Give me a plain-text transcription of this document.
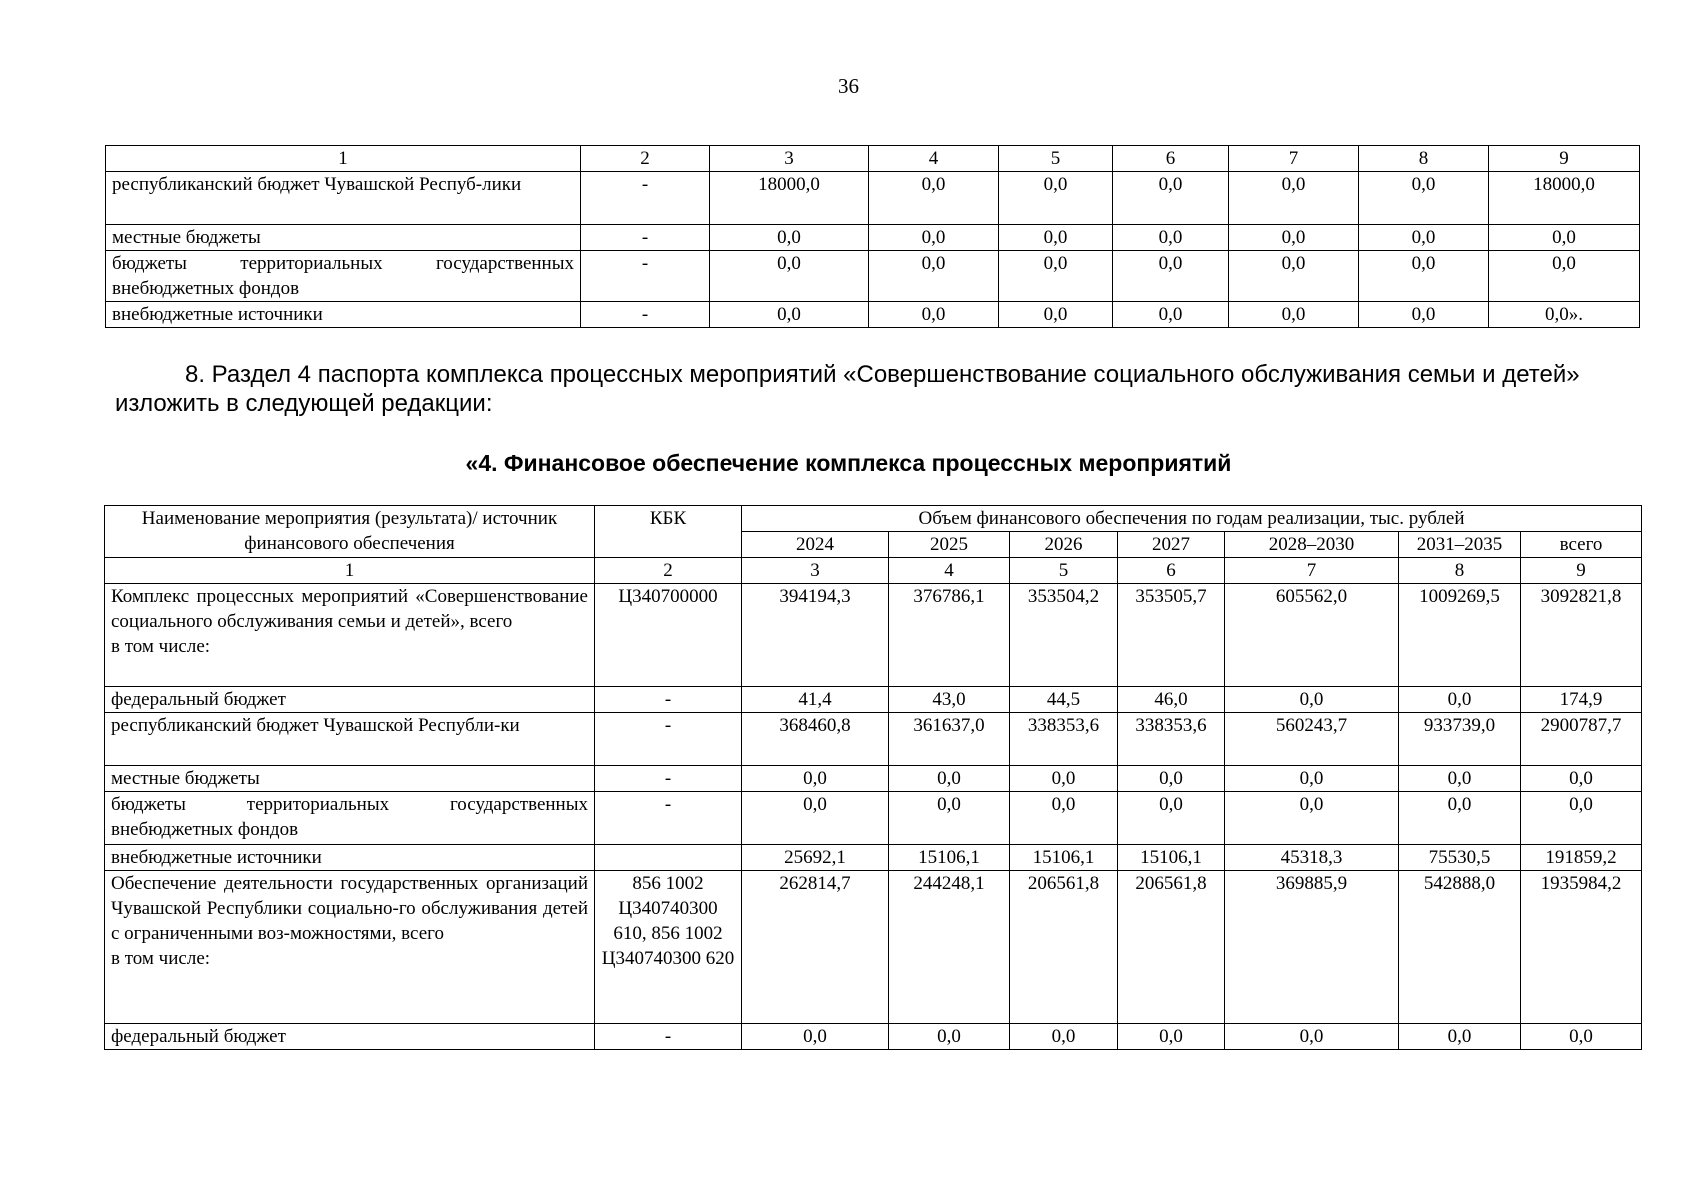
36
1	2	3	4	5	6	7	8	9
республиканский бюджет Чувашской Респуб-лики	-	18000,0	0,0	0,0	0,0	0,0	0,0	18000,0
местные бюджеты	-	0,0	0,0	0,0	0,0	0,0	0,0	0,0
бюджеты территориальных государственных внебюджетных фондов	-	0,0	0,0	0,0	0,0	0,0	0,0	0,0
внебюджетные источники	-	0,0	0,0	0,0	0,0	0,0	0,0	0,0».
8. Раздел 4 паспорта комплекса процессных мероприятий «Совершенствование социального обслуживания семьи и детей»
изложить в следующей редакции:
«4. Финансовое обеспечение комплекса процессных мероприятий
Наименование мероприятия (результата)/ источник финансового обеспечения	КБК	Объем финансового обеспечения по годам реализации, тыс. рублей						
		2024	2025	2026	2027	2028–2030	2031–2035	всего
1	2	3	4	5	6	7	8	9
Комплекс процессных мероприятий «Совершенствование социального обслуживания семьи и детей», всего
в том числе:	Ц340700000	394194,3	376786,1	353504,2	353505,7	605562,0	1009269,5	3092821,8
федеральный бюджет	-	41,4	43,0	44,5	46,0	0,0	0,0	174,9
республиканский бюджет Чувашской Республи-ки	-	368460,8	361637,0	338353,6	338353,6	560243,7	933739,0	2900787,7
местные бюджеты	-	0,0	0,0	0,0	0,0	0,0	0,0	0,0
бюджеты территориальных государственных внебюджетных фондов	-	0,0	0,0	0,0	0,0	0,0	0,0	0,0
внебюджетные источники		25692,1	15106,1	15106,1	15106,1	45318,3	75530,5	191859,2
Обеспечение деятельности государственных организаций Чувашской Республики социально-го обслуживания детей с ограниченными воз-можностями, всего
в том числе:	856 1002 Ц340740300 610, 856 1002 Ц340740300 620	262814,7	244248,1	206561,8	206561,8	369885,9	542888,0	1935984,2
федеральный бюджет	-	0,0	0,0	0,0	0,0	0,0	0,0	0,0
